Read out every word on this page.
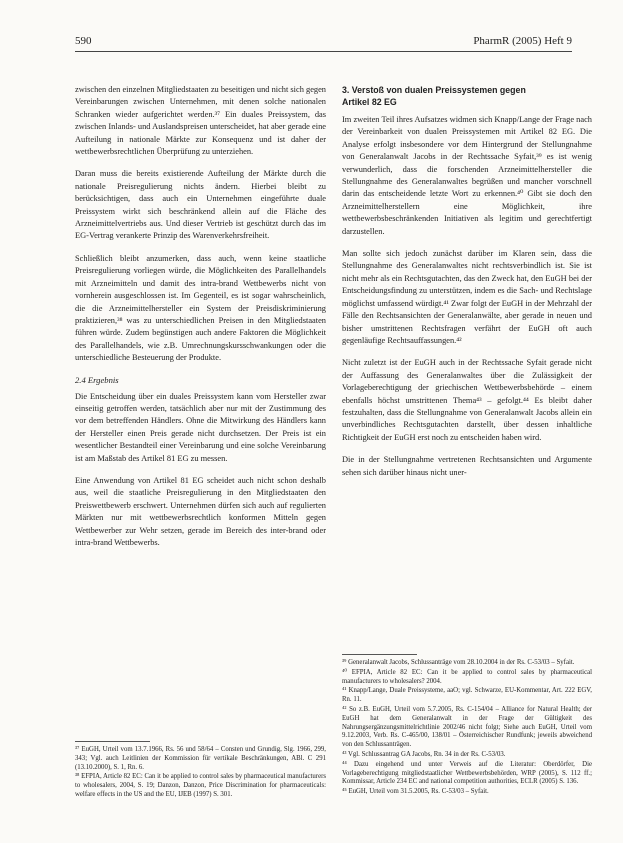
590	PharmR (2005) Heft 9

zwischen den einzelnen Mitgliedstaaten zu beseitigen und nicht sich gegen Vereinbarungen zwischen Unternehmen, mit denen solche nationalen Schranken wieder aufgerichtet werden.³⁷ Ein duales Preissystem, das zwischen Inlands- und Auslandspreisen unterscheidet, hat aber gerade eine Aufteilung in nationale Märkte zur Konsequenz und ist daher der wettbewerbsrechtlichen Überprüfung zu unterziehen.

Daran muss die bereits existierende Aufteilung der Märkte durch die nationale Preisregulierung nichts ändern. Hierbei bleibt zu berücksichtigen, dass auch ein Unternehmen eingeführte duale Preissystem wirkt sich beschränkend allein auf die Fläche des Arzneimittelvertriebs aus. Und dieser Vertrieb ist geschützt durch das im EG-Vertrag verankerte Prinzip des Warenverkehrsfreiheit.

Schließlich bleibt anzumerken, dass auch, wenn keine staatliche Preisregulierung vorliegen würde, die Möglichkeiten des Parallelhandels mit Arzneimitteln und damit des intra-brand Wettbewerbs nicht von vornherein ausgeschlossen ist. Im Gegenteil, es ist sogar wahrscheinlich, die die Arzneimittelhersteller ein System der Preisdiskriminierung praktizieren,³⁸ was zu unterschiedlichen Preisen in den Mitgliedstaaten führen würde. Zudem begünstigen auch andere Faktoren die Möglichkeit des Parallelhandels, wie z.B. Umrechnungskursschwankungen oder die unterschiedliche Besteuerung der Produkte.

2.4 Ergebnis

Die Entscheidung über ein duales Preissystem kann vom Hersteller zwar einseitig getroffen werden, tatsächlich aber nur mit der Zustimmung des vor dem betreffenden Händlers. Ohne die Mitwirkung des Händlers kann der Hersteller einen Preis gerade nicht durchsetzen. Der Preis ist ein wesentlicher Bestandteil einer Vereinbarung und eine solche Vereinbarung ist am Maßstab des Artikel 81 EG zu messen.

Eine Anwendung von Artikel 81 EG scheidet auch nicht schon deshalb aus, weil die staatliche Preisregulierung in den Mitgliedstaaten den Preiswettbewerb erschwert. Unternehmen dürfen sich auch auf regulierten Märkten nur mit wettbewerbsrechtlich konformen Mitteln gegen Wettbewerber zur Wehr setzen, gerade im Bereich des inter-brand oder intra-brand Wettbewerbs.

³⁷ EuGH, Urteil vom 13.7.1966, Rs. 56 und 58/64 – Consten und Grundig, Slg. 1966, 299, 343; Vgl. auch Leitlinien der Kommission für vertikale Beschränkungen, ABl. C 291 (13.10.2000), S. 1, Rn. 6.
³⁸ EFPIA, Article 82 EC: Can it be applied to control sales by pharmaceutical manufacturers to wholesalers, 2004, S. 19; Danzon, Danzon, Price Discrimination for pharmaceuticals: welfare effects in the US and the EU, IJEB (1997) S. 301.
3. Verstoß von dualen Preissystemen gegen
Artikel 82 EG

Im zweiten Teil ihres Aufsatzes widmen sich Knapp/Lange der Frage nach der Vereinbarkeit von dualen Preissystemen mit Artikel 82 EG. Die Analyse erfolgt insbesondere vor dem Hintergrund der Stellungnahme von Generalanwalt Jacobs in der Rechtssache Syfait,³⁹ es ist wenig verwunderlich, dass die forschenden Arzneimittelhersteller die Stellungnahme des Generalanwaltes begrüßen und mancher vorschnell darin das entscheidende letzte Wort zu erkennen.⁴⁰ Gibt sie doch den Arzneimittelherstellern eine Möglichkeit, ihre wettbewerbsbeschränkenden Initiativen als legitim und gerechtfertigt darzustellen.

Man sollte sich jedoch zunächst darüber im Klaren sein, dass die Stellungnahme des Generalanwaltes nicht rechtsverbindlich ist. Sie ist nicht mehr als ein Rechtsgutachten, das den Zweck hat, den EuGH bei der Entscheidungsfindung zu unterstützen, indem es die Sach- und Rechtslage möglichst umfassend würdigt.⁴¹ Zwar folgt der EuGH in der Mehrzahl der Fälle den Rechtsansichten der Generalanwälte, aber gerade in neuen und bisher umstrittenen Rechtsfragen verfährt der EuGH oft auch gegenläufige Rechtsauffassungen.⁴²

Nicht zuletzt ist der EuGH auch in der Rechtssache Syfait gerade nicht der Auffassung des Generalanwaltes über die Zulässigkeit der Vorlageberechtigung der griechischen Wettbewerbsbehörde – einem ebenfalls höchst umstrittenen Thema⁴³ – gefolgt.⁴⁴ Es bleibt daher festzuhalten, dass die Stellungnahme von Generalanwalt Jacobs allein ein unverbindliches Rechtsgutachten darstellt, über dessen inhaltliche Richtigkeit der EuGH erst noch zu entscheiden haben wird.

Die in der Stellungnahme vertretenen Rechtsansichten und Argumente sehen sich darüber hinaus nicht uner-

³⁹ Generalanwalt Jacobs, Schlussanträge vom 28.10.2004 in der Rs. C-53/03 – Syfait.
⁴⁰ EFPIA, Article 82 EC: Can it be applied to control sales by pharmaceutical manufacturers to wholesalers? 2004.
⁴¹ Knapp/Lange, Duale Preissysteme, aaO; vgl. Schwarze, EU-Kommentar, Art. 222 EGV, Rn. 11.
⁴² So z.B. EuGH, Urteil vom 5.7.2005, Rs. C-154/04 – Alliance for Natural Health; der EuGH hat dem Generalanwalt in der Frage der Gültigkeit des Nahrungsergänzungsmittelrichtlinie 2002/46 nicht folgt; Siehe auch EuGH, Urteil vom 9.12.2003, Verb. Rs. C-465/00, 138/01 – Österreichischer Rundfunk; jeweils abweichend von den Schlussanträgen.
⁴³ Vgl. Schlussantrag GA Jacobs, Rn. 34 in der Rs. C-53/03.
⁴⁴ Dazu eingehend und unter Verweis auf die Literatur: Oberdörfer, Die Vorlageberechtigung mitgliedstaatlicher Wettbewerbsbehörden, WRP (2005), S. 112 ff.; Kommissar, Article 234 EC and national competition authorities, ECLR (2005) S. 136.
⁴⁵ EuGH, Urteil vom 31.5.2005, Rs. C-53/03 – Syfait.
